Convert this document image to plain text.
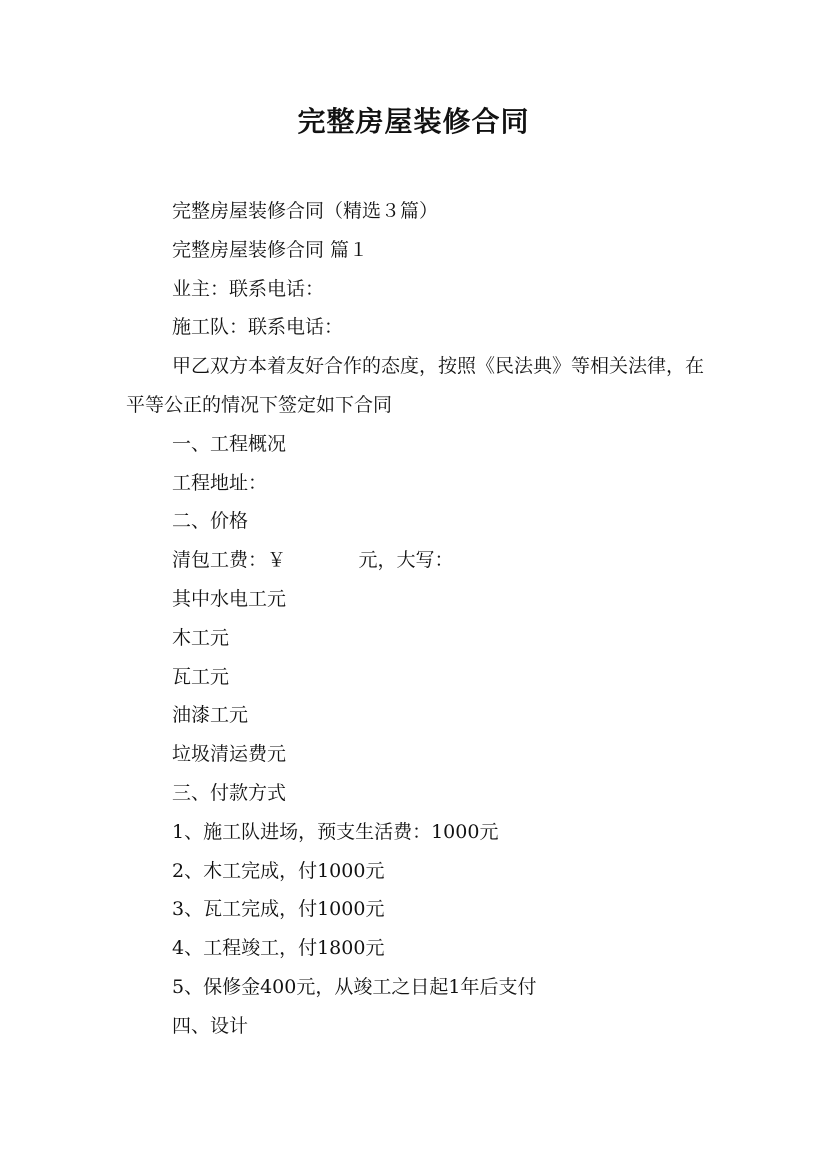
完整房屋装修合同

完整房屋装修合同（精选３篇）

完整房屋装修合同 篇１

业主：联系电话：

施工队：联系电话：

甲乙双方本着友好合作的态度，按照《民法典》等相关法律，在平等公正的情况下签定如下合同

一、工程概况

工程地址：

二、价格

清包工费：￥            元，大写：

其中水电工元

木工元

瓦工元

油漆工元

垃圾清运费元

三、付款方式

1、施工队进场，预支生活费：1000元

2、木工完成，付1000元

3、瓦工完成，付1000元

4、工程竣工，付1800元

5、保修金400元，从竣工之日起1年后支付

四、设计
